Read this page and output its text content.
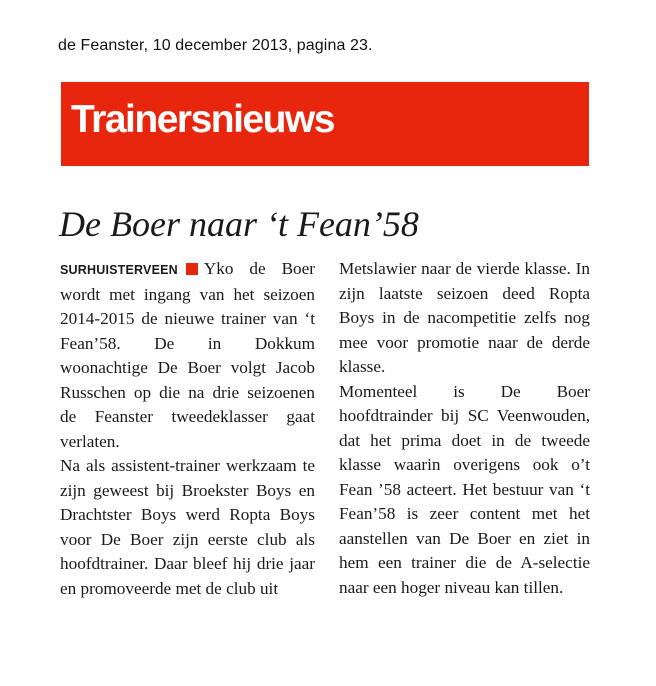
de Feanster, 10 december 2013, pagina 23.
Trainersnieuws
De Boer naar ‘t Fean’58

SURHUISTERVEEN Yko de Boer wordt met ingang van het seizoen 2014-2015 de nieuwe trainer van ‘t Fean’58. De in Dokkum woonachtige De Boer volgt Jacob Russchen op die na drie seizoenen de Feanster tweedeklasser gaat verlaten.

Na als assistent-trainer werkzaam te zijn geweest bij Broekster Boys en Drachtster Boys werd Ropta Boys voor De Boer zijn eerste club als hoofdtrainer. Daar bleef hij drie jaar en promoveerde met de club uit

Metslawier naar de vierde klasse. In zijn laatste seizoen deed Ropta Boys in de nacompetitie zelfs nog mee voor promotie naar de derde klasse.

Momenteel is De Boer hoofdtrainder bij SC Veenwouden, dat het prima doet in de tweede klasse waarin overigens ook o’t Fean ’58 acteert. Het bestuur van ‘t Fean’58 is zeer content met het aanstellen van De Boer en ziet in hem een trainer die de A-selectie naar een hoger niveau kan tillen.
